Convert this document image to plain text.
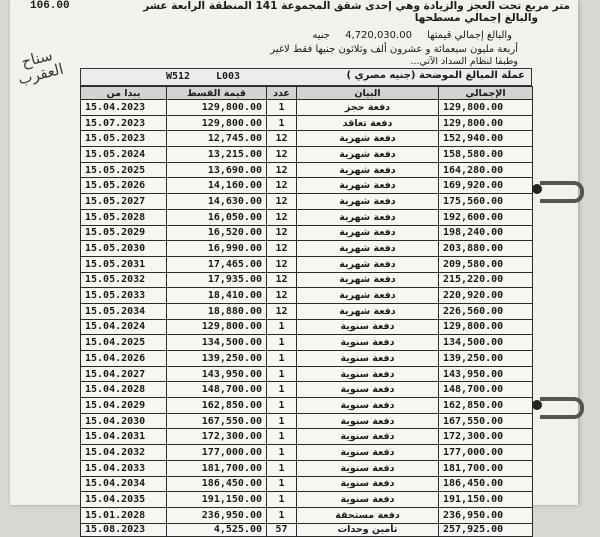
106.00	متر مربع تحت العجز والزيادة وهي إحدى شقق المجموعة 141 المنطقة الرابعة عشر
والبالغ إجمالي مسطحها
والبالغ إجمالي قيمتها 4,720,030.00 جنيه
أربعة مليون سبعمائة و عشرون ألف وثلاثون جنيها فقط لاغير
وطبقا لنظام السداد الآتي...
سناح العقرب	عملة المبالغ الموضحة (جنيه مصري )
W512	L003
يبدا من	قيمة القسط	عدد	البيان	الإجمالي
15.04.2023	129,800.00	1	دفعة حجز	129,800.00
15.07.2023	129,800.00	1	دفعة تعاقد	129,800.00
15.05.2023	12,745.00	12	دفعة شهرية	152,940.00
15.05.2024	13,215.00	12	دفعة شهرية	158,580.00
15.05.2025	13,690.00	12	دفعة شهرية	164,280.00
15.05.2026	14,160.00	12	دفعة شهرية	169,920.00
15.05.2027	14,630.00	12	دفعة شهرية	175,560.00
15.05.2028	16,050.00	12	دفعة شهرية	192,600.00
15.05.2029	16,520.00	12	دفعة شهرية	198,240.00
15.05.2030	16,990.00	12	دفعة شهرية	203,880.00
15.05.2031	17,465.00	12	دفعة شهرية	209,580.00
15.05.2032	17,935.00	12	دفعة شهرية	215,220.00
15.05.2033	18,410.00	12	دفعة شهرية	220,920.00
15.05.2034	18,880.00	12	دفعة شهرية	226,560.00
15.04.2024	129,800.00	1	دفعة سنوية	129,800.00
15.04.2025	134,500.00	1	دفعة سنوية	134,500.00
15.04.2026	139,250.00	1	دفعة سنوية	139,250.00
15.04.2027	143,950.00	1	دفعة سنوية	143,950.00
15.04.2028	148,700.00	1	دفعة سنوية	148,700.00
15.04.2029	162,850.00	1	دفعة سنوية	162,850.00
15.04.2030	167,550.00	1	دفعة سنوية	167,550.00
15.04.2031	172,300.00	1	دفعة سنوية	172,300.00
15.04.2032	177,000.00	1	دفعة سنوية	177,000.00
15.04.2033	181,700.00	1	دفعة سنوية	181,700.00
15.04.2034	186,450.00	1	دفعة سنوية	186,450.00
15.04.2035	191,150.00	1	دفعة سنوية	191,150.00
15.01.2028	236,950.00	1	دفعة مستحقة	236,950.00
15.08.2023	4,525.00	57	تأمين وحدات	257,925.00
